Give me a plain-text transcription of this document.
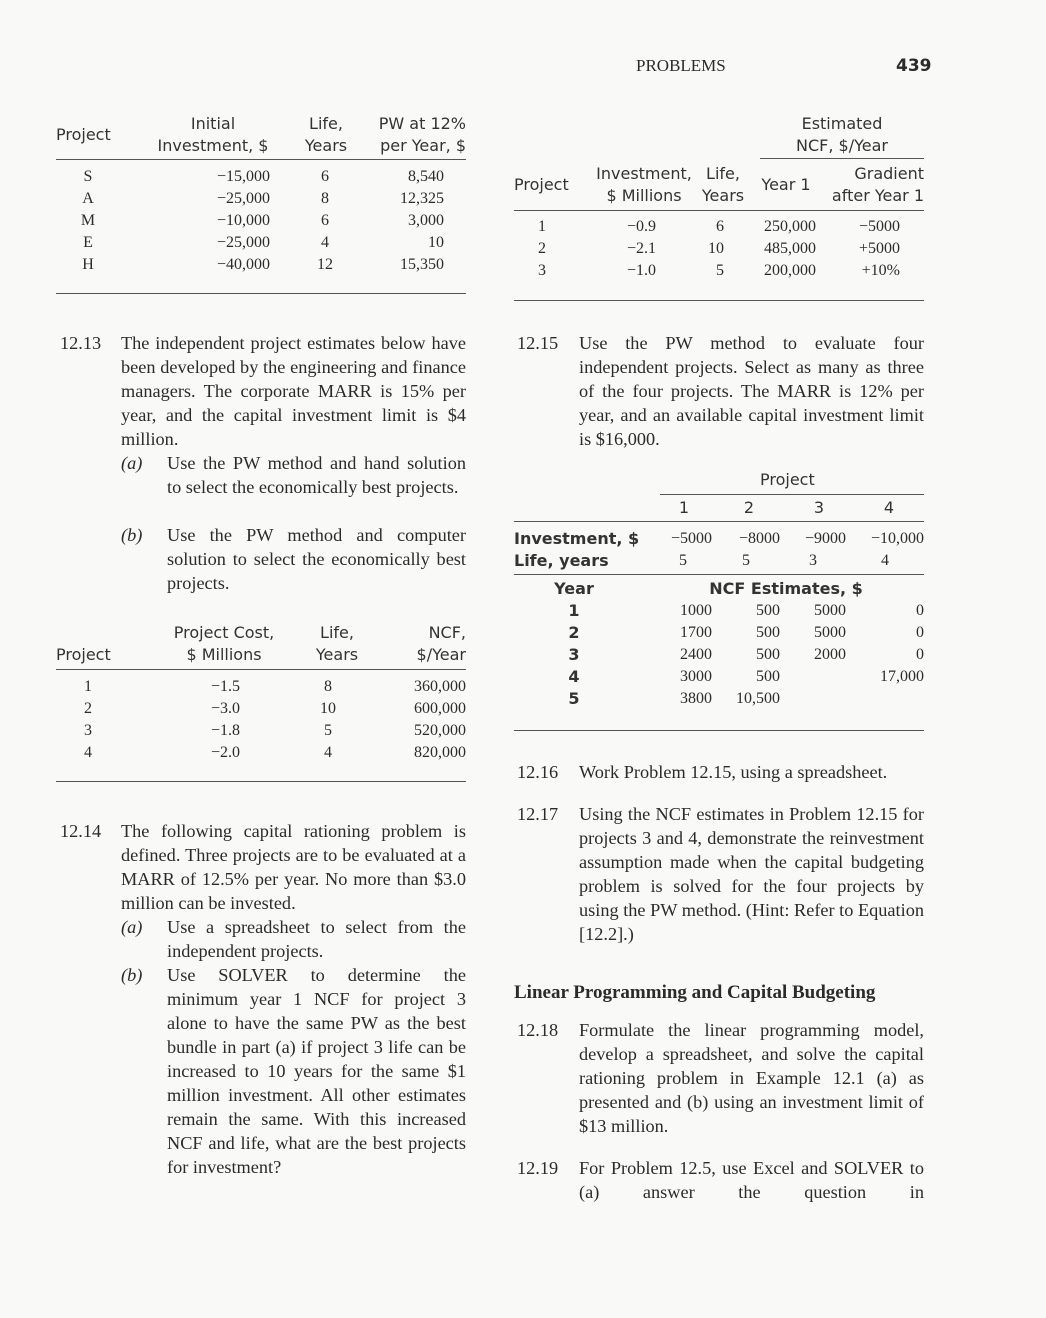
PROBLEMS	439
Project

Initial
Investment, $

Life,
Years

PW at 12%
per Year, $
S	−15,000	6	8,540
A	−25,000	8	12,325
M	−10,000	6	3,000
E	−25,000	4	10
H	−40,000	12	15,350
Estimated
NCF, $/Year
Project

Investment,
$ Millions

Life,
Years

Year 1

Gradient
after Year 1
1	−0.9	6	250,000	−5000
2	−2.1	10	485,000	+5000
3	−1.0	5	200,000	+10%
12.13 The independent project estimates below have been developed by the engineering and finance managers. The corporate MARR is 15% per year, and the capital investment limit is $4 million.
(a) Use the PW method and hand solution to select the economically best projects.
(b) Use the PW method and computer solution to select the economically best projects.

Project

Project Cost,
$ Millions

Life,
Years

NCF,
$/Year
1	−1.5	8	360,000
2	−3.0	10	600,000
3	−1.8	5	520,000
4	−2.0	4	820,000
12.14 The following capital rationing problem is defined. Three projects are to be evaluated at a MARR of 12.5% per year. No more than $3.0 million can be invested.
(a) Use a spreadsheet to select from the independent projects.
(b) Use SOLVER to determine the minimum year 1 NCF for project 3 alone to have the same PW as the best bundle in part (a) if project 3 life can be increased to 10 years for the same $1 million investment. All other estimates remain the same. With this increased NCF and life, what are the best projects for investment?
12.15 Use the PW method to evaluate four independent projects. Select as many as three of the four projects. The MARR is 12% per year, and an available capital investment limit is $16,000.
Project
1	2	3	4
Investment, $	−5000	−8000	−9000	−10,000
Life, years	5	5	3	4
Year	NCF Estimates, $			
1	1000	500	5000	0
2	1700	500	5000	0
3	2400	500	2000	0
4	3000	500		17,000
5	3800	10,500		
12.16 Work Problem 12.15, using a spreadsheet.
12.17 Using the NCF estimates in Problem 12.15 for projects 3 and 4, demonstrate the reinvestment assumption made when the capital budgeting problem is solved for the four projects by using the PW method. (Hint: Refer to Equation [12.2].)
Linear Programming and Capital Budgeting
12.18 Formulate the linear programming model, develop a spreadsheet, and solve the capital rationing problem in Example 12.1 (a) as presented and (b) using an investment limit of $13 million.
12.19 For Problem 12.5, use Excel and SOLVER to (a) answer the question in
